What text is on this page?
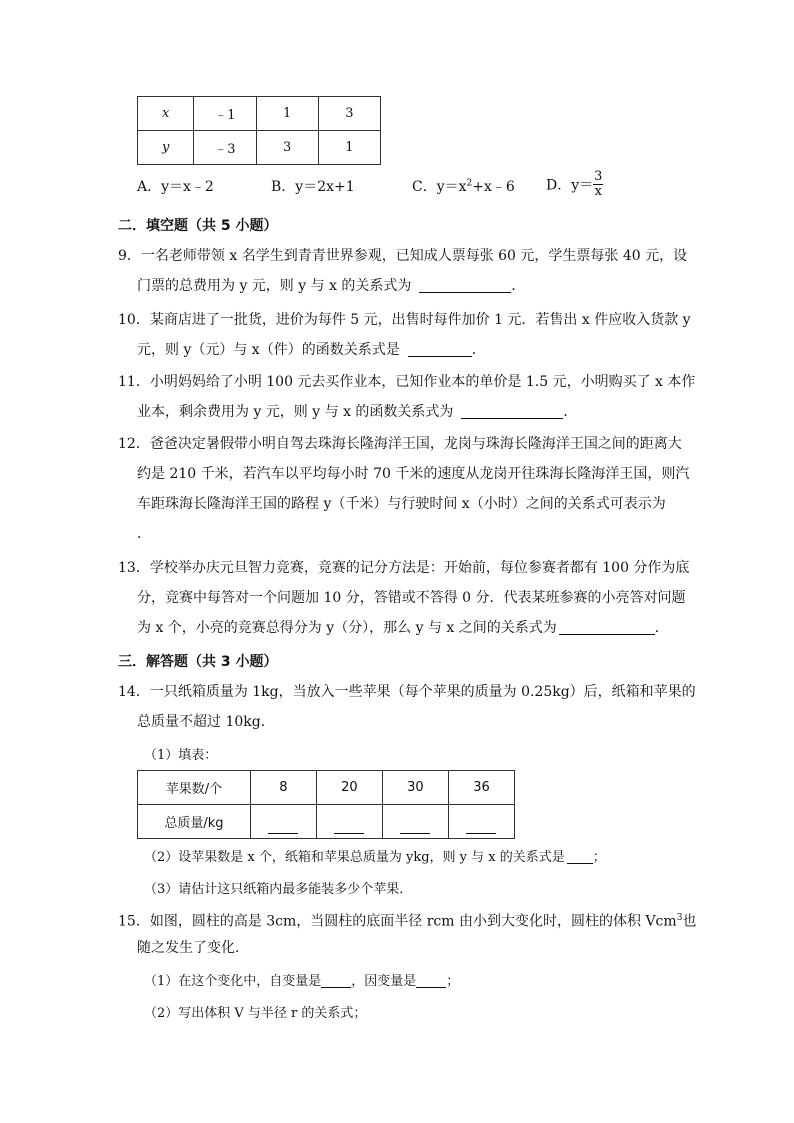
x	﹣1	1	3
y	﹣3	3	1
A．y＝x﹣2	B．y＝2x+1	C．$y=x^2+x﹣6$ D．$y= \frac{3}{x}$
二．填空题（共 5 小题）
9．一名老师带领 x 名学生到青青世界参观，已知成人票每张 60 元，学生票每张 40 元，设
门票的总费用为 y 元，则 y 与 x 的关系式为	．
10．某商店进了一批货，进价为每件 5 元，出售时每件加价 1 元．若售出 x 件应收入货款 y
元，则 y（元）与 x（件）的函数关系式是	．
11．小明妈妈给了小明 100 元去买作业本，已知作业本的单价是 1.5 元，小明购买了 x 本作
业本，剩余费用为 y 元，则 y 与 x 的函数关系式为	．
12．爸爸决定暑假带小明自驾去珠海长隆海洋王国，龙岗与珠海长隆海洋王国之间的距离大
约是 210 千米，若汽车以平均每小时 70 千米的速度从龙岗开往珠海长隆海洋王国，则汽
车距珠海长隆海洋王国的路程 y（千米）与行驶时间 x（小时）之间的关系式可表示为
．
13．学校举办庆元旦智力竞赛，竞赛的记分方法是：开始前，每位参赛者都有 100 分作为底
分，竞赛中每答对一个问题加 10 分，答错或不答得 0 分．代表某班参赛的小亮答对问题
为 x 个，小亮的竞赛总得分为 y（分），那么 y 与 x 之间的关系式为	．
三．解答题（共 3 小题）
14．一只纸箱质量为 1kg，当放入一些苹果（每个苹果的质量为 0.25kg）后，纸箱和苹果的
总质量不超过 10kg．
（1）填表：
苹果数/个	8	20	30	36
总质量/kg				
（2）设苹果数是 x 个，纸箱和苹果总质量为 ykg，则 y 与 x 的关系式是 ；
（3）请估计这只纸箱内最多能装多少个苹果．
15．如图，圆柱的高是 3cm，当圆柱的底面半径 rcm 由小到大变化时，圆柱的体积 Vcm$^3$也
随之发生了变化．
（1）在这个变化中，自变量是 ，因变量是 ；
（2）写出体积 V 与半径 r 的关系式；
